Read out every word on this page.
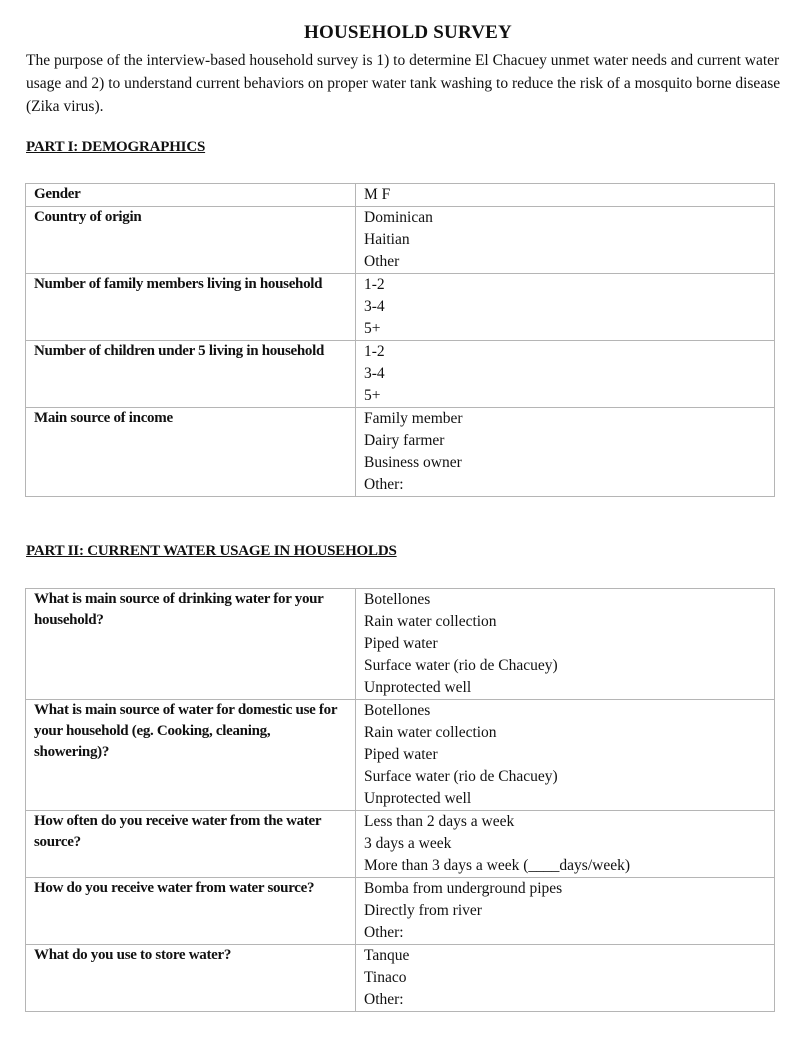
HOUSEHOLD SURVEY
The purpose of the interview-based household survey is 1) to determine El Chacuey unmet water needs and current water usage and 2) to understand current behaviors on proper water tank washing to reduce the risk of a mosquito borne disease (Zika virus).
PART I: DEMOGRAPHICS
Gender	M F

Country of origin	Dominican
Haitian
Other

Number of family members living in household	1-2
3-4
5+

Number of children under 5 living in household	1-2
3-4
5+

Main source of income	Family member
Dairy farmer
Business owner
Other:
PART II: CURRENT WATER USAGE IN HOUSEHOLDS
What is main source of drinking water for your household?	Botellones
Rain water collection
Piped water
Surface water (rio de Chacuey)
Unprotected well

What is main source of water for domestic use for your household (eg. Cooking, cleaning, showering)?	Botellones
Rain water collection
Piped water
Surface water (rio de Chacuey)
Unprotected well

How often do you receive water from the water source?	Less than 2 days a week
3 days a week
More than 3 days a week (____days/week)

How do you receive water from water source?	Bomba from underground pipes
Directly from river
Other:

What do you use to store water?	Tanque
Tinaco
Other:
